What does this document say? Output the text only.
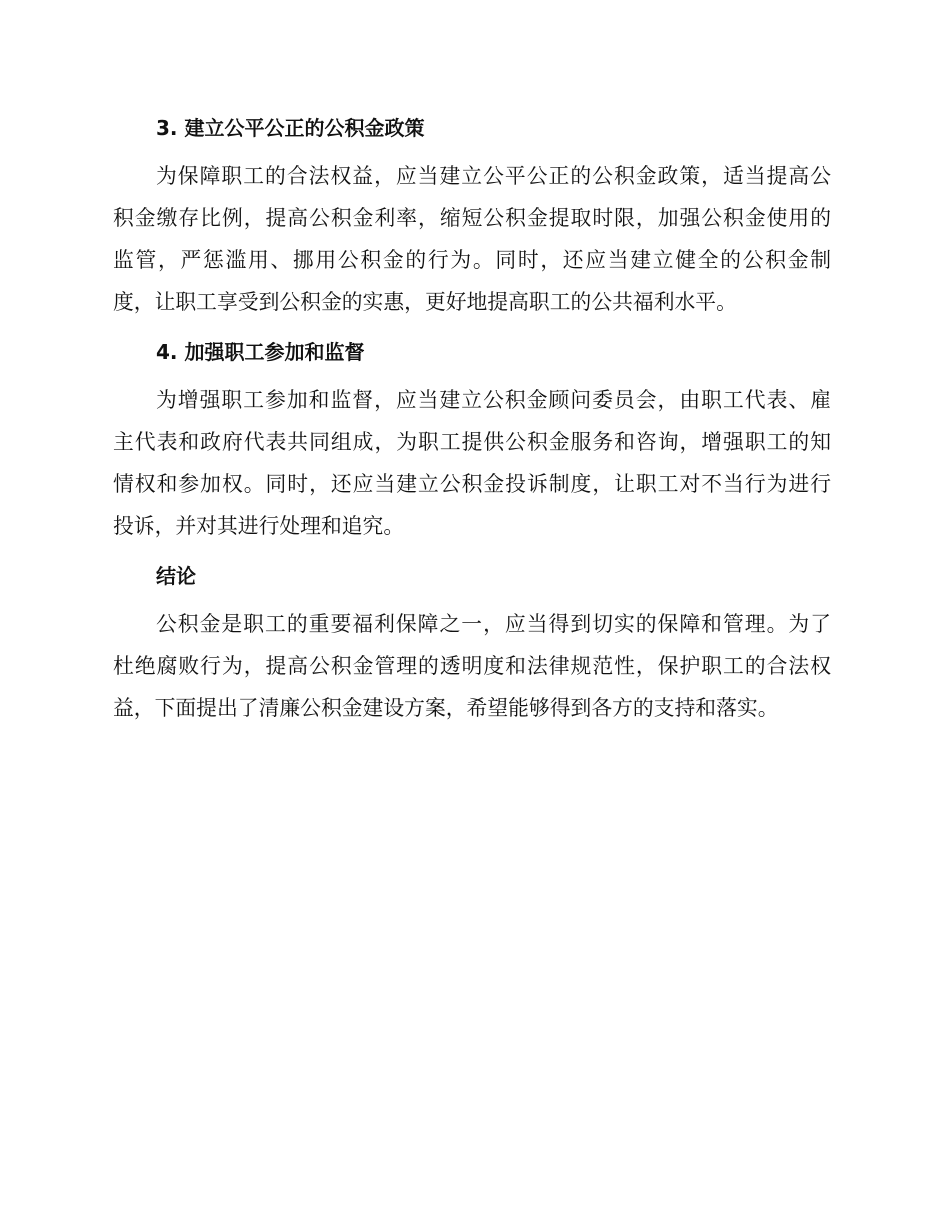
3. 建立公平公正的公积金政策
为保障职工的合法权益，应当建立公平公正的公积金政策，适当提高公
积金缴存比例，提高公积金利率，缩短公积金提取时限，加强公积金使用的
监管，严惩滥用、挪用公积金的行为。同时，还应当建立健全的公积金制
度，让职工享受到公积金的实惠，更好地提高职工的公共福利水平。
4. 加强职工参加和监督
为增强职工参加和监督，应当建立公积金顾问委员会，由职工代表、雇
主代表和政府代表共同组成，为职工提供公积金服务和咨询，增强职工的知
情权和参加权。同时，还应当建立公积金投诉制度，让职工对不当行为进行
投诉，并对其进行处理和追究。
结论
公积金是职工的重要福利保障之一，应当得到切实的保障和管理。为了
杜绝腐败行为，提高公积金管理的透明度和法律规范性，保护职工的合法权
益，下面提出了清廉公积金建设方案，希望能够得到各方的支持和落实。
